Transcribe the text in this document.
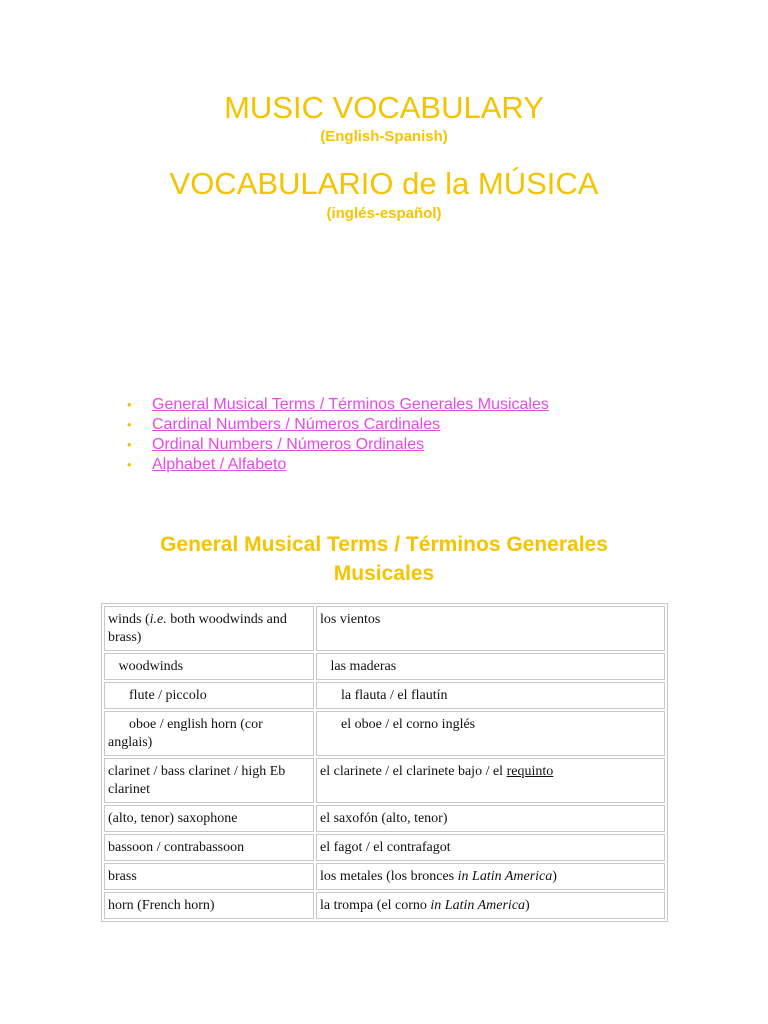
MUSIC VOCABULARY
(English-Spanish)
VOCABULARIO de la MÚSICA
(inglés-español)
• General Musical Terms / Términos Generales Musicales
• Cardinal Numbers / Números Cardinales
• Ordinal Numbers / Números Ordinales
• Alphabet / Alfabeto
General Musical Terms / Términos Generales Musicales
winds (i.e. both woodwinds and brass)	los vientos
woodwinds	las maderas
flute / piccolo	la flauta / el flautín
oboe / english horn (cor anglais)	el oboe / el corno inglés
clarinet / bass clarinet / high Eb clarinet	el clarinete / el clarinete bajo / el requinto
(alto, tenor) saxophone	el saxofón (alto, tenor)
bassoon / contrabassoon	el fagot / el contrafagot
brass	los metales (los bronces in Latin America)
horn (French horn)	la trompa (el corno in Latin America)
